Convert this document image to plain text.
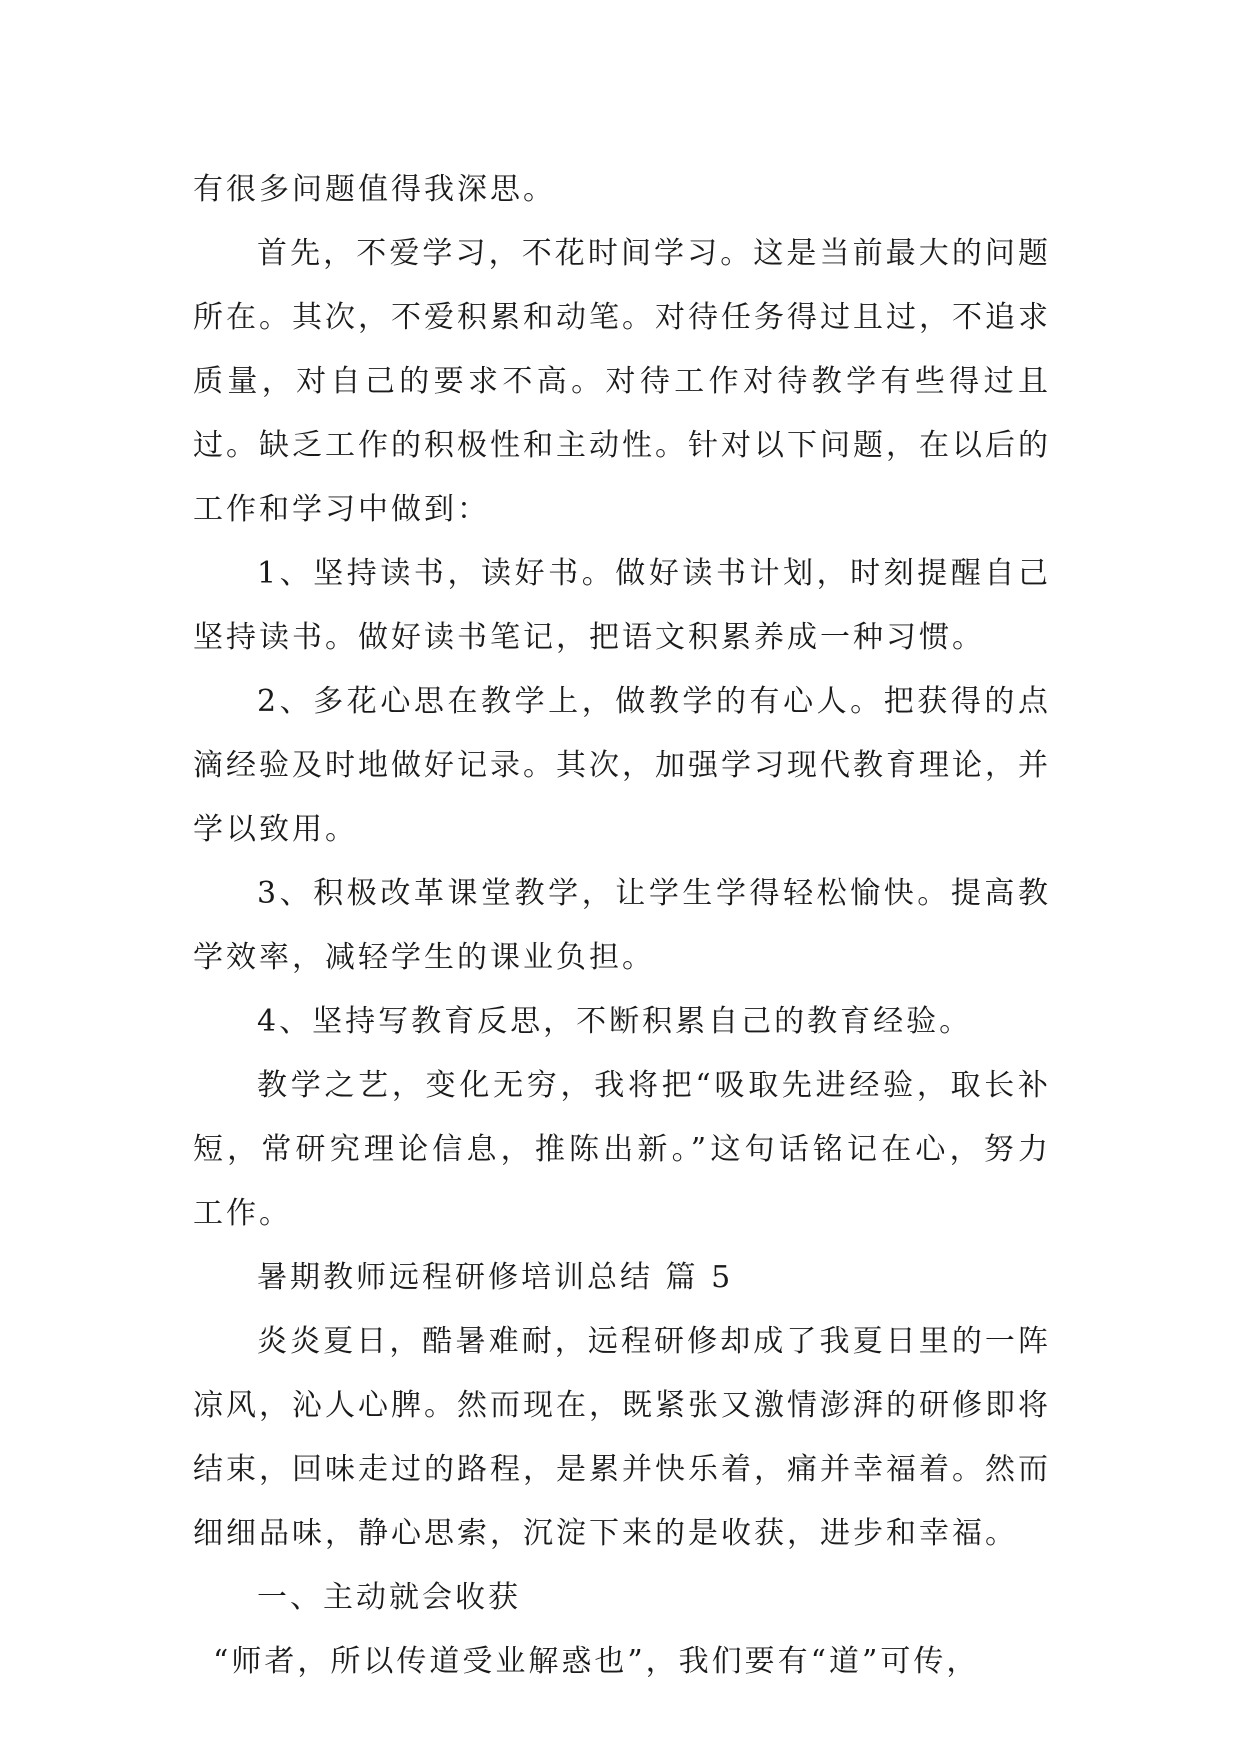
有很多问题值得我深思。

首先，不爱学习，不花时间学习。这是当前最大的问题所在。其次，不爱积累和动笔。对待任务得过且过，不追求质量，对自己的要求不高。对待工作对待教学有些得过且过。缺乏工作的积极性和主动性。针对以下问题，在以后的工作和学习中做到：

1、坚持读书，读好书。做好读书计划，时刻提醒自己坚持读书。做好读书笔记，把语文积累养成一种习惯。

2、多花心思在教学上，做教学的有心人。把获得的点滴经验及时地做好记录。其次，加强学习现代教育理论，并学以致用。

3、积极改革课堂教学，让学生学得轻松愉快。提高教学效率，减轻学生的课业负担。

4、坚持写教育反思，不断积累自己的教育经验。

教学之艺，变化无穷，我将把“吸取先进经验，取长补短，常研究理论信息，推陈出新。”这句话铭记在心，努力工作。

暑期教师远程研修培训总结 篇 5

炎炎夏日，酷暑难耐，远程研修却成了我夏日里的一阵凉风，沁人心脾。然而现在，既紧张又激情澎湃的研修即将结束，回味走过的路程，是累并快乐着，痛并幸福着。然而细细品味，静心思索，沉淀下来的是收获，进步和幸福。

一、主动就会收获

“师者，所以传道受业解惑也”，我们要有“道”可传，
